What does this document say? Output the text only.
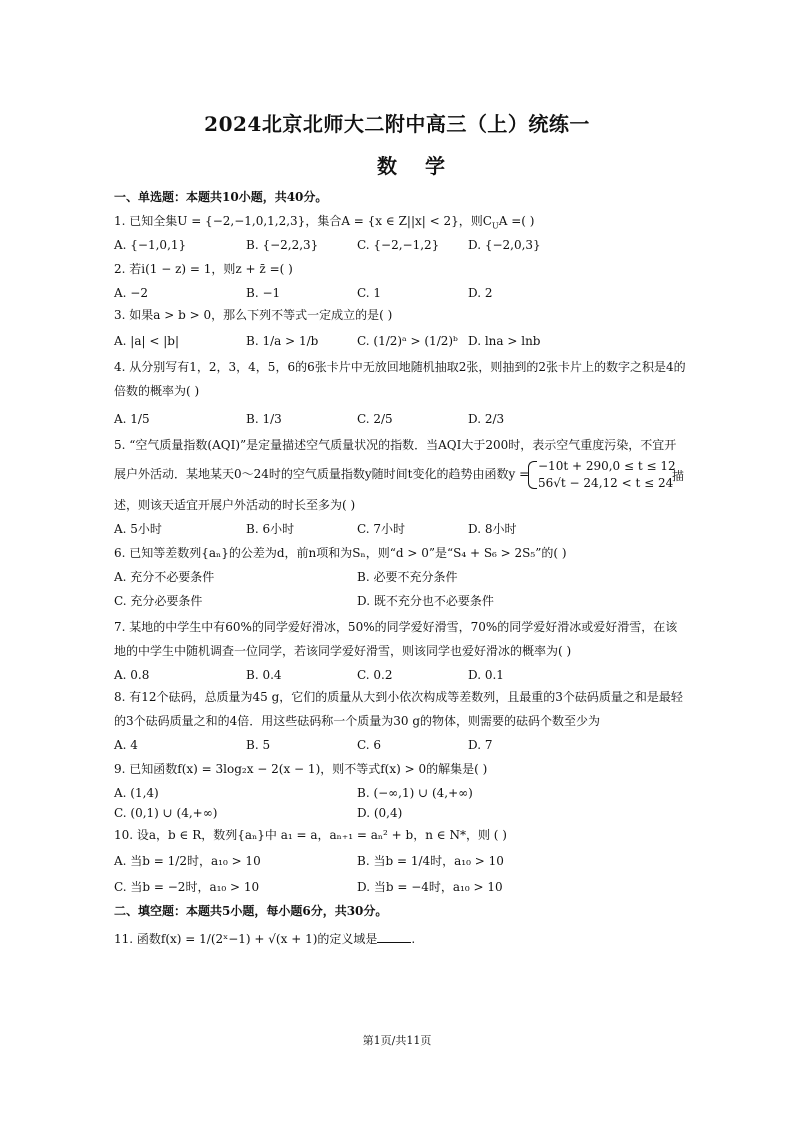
2024北京北师大二附中高三（上）统练一
数学
一、单选题：本题共10小题，共40分。
1. 已知全集U = {−2,−1,0,1,2,3}，集合A = {x ∈ Z||x| < 2}，则$C_UA$ =( )
A. {−1,0,1}	B. {−2,2,3}	C. {−2,−1,2} D. {−2,0,3}
2. 若i(1 − z) = 1，则z + z̄ =( )
A. −2	B. −1	C. 1	D. 2
3. 如果a > b > 0，那么下列不等式一定成立的是( )
A. |a| < |b|	B. 1/a > 1/b	C. (1/2)ᵃ > (1/2)ᵇ D. lna > lnb
4. 从分别写有1，2，3，4，5，6的6张卡片中无放回地随机抽取2张，则抽到的2张卡片上的数字之积是4的
倍数的概率为( )
A. 1/5	B. 1/3	C. 2/5	D. 2/3
5. “空气质量指数(AQI)”是定量描述空气质量状况的指数．当AQI大于200时，表示空气重度污染，不宜开
展户外活动．某地某天0～24时的空气质量指数y随时间t变化的趋势由函数y =
−10t + 290,0 ≤ t ≤ 12
56√t − 24,12 < t ≤ 24
描
述，则该天适宜开展户外活动的时长至多为( )
A. 5小时	B. 6小时	C. 7小时	D. 8小时
6. 已知等差数列{aₙ}的公差为d，前n项和为Sₙ，则“d > 0”是“S₄ + S₆ > 2S₅”的( )
A. 充分不必要条件	B. 必要不充分条件
C. 充分必要条件	D. 既不充分也不必要条件
7. 某地的中学生中有60%的同学爱好滑冰，50%的同学爱好滑雪，70%的同学爱好滑冰或爱好滑雪，在该
地的中学生中随机调查一位同学，若该同学爱好滑雪，则该同学也爱好滑冰的概率为( )
A. 0.8	B. 0.4	C. 0.2	D. 0.1
8. 有12个砝码，总质量为45 g，它们的质量从大到小依次构成等差数列，且最重的3个砝码质量之和是最轻
的3个砝码质量之和的4倍．用这些砝码称一个质量为30 g的物体，则需要的砝码个数至少为
A. 4	B. 5	C. 6	D. 7
9. 已知函数f(x) = 3log₂x − 2(x − 1)，则不等式f(x) > 0的解集是( )
A. (1,4)	B. (−∞,1) ∪ (4,+∞)
C. (0,1) ∪ (4,+∞)	D. (0,4)
10. 设a，b ∈ R，数列{aₙ}中 a₁ = a，aₙ₊₁ = aₙ² + b，n ∈ N*，则 ( )
A. 当b = 1/2时，a₁₀ > 10	B. 当b = 1/4时，a₁₀ > 10
C. 当b = −2时，a₁₀ > 10	D. 当b = −4时，a₁₀ > 10
二、填空题：本题共5小题，每小题6分，共30分。
11. 函数f(x) = 1/(2ˣ−1) + √(x + 1)的定义域是	.
第1页/共11页
